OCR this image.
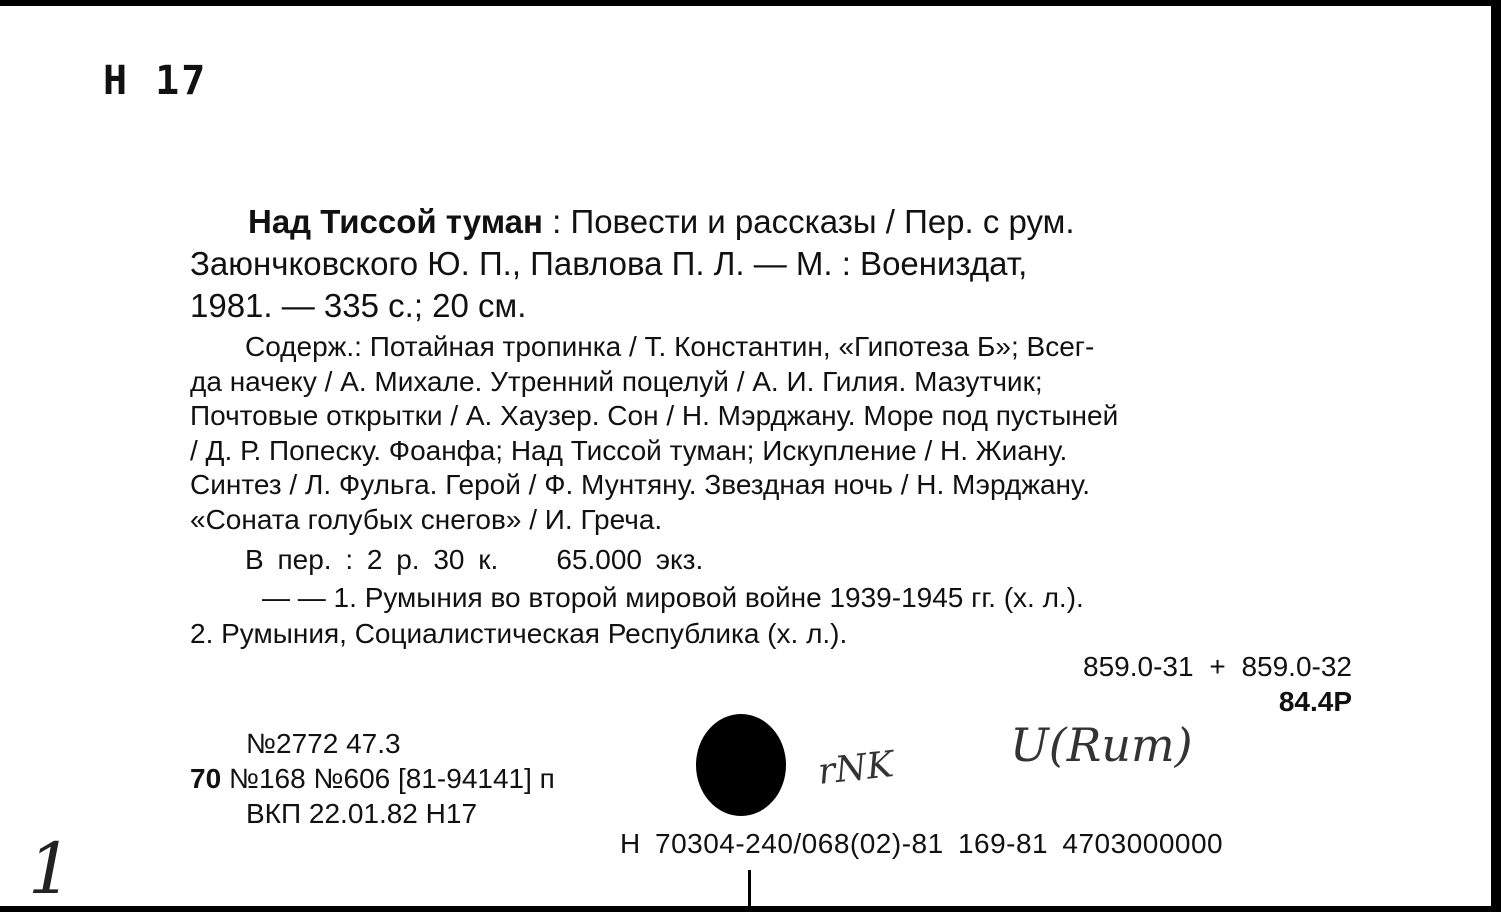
Н 17
Над Тиссой туман : Повести и рассказы / Пер. с рум.
Заюнчковского Ю. П., Павлова П. Л. — М. : Воениздат,
1981. — 335 с.; 20 см.
Содерж.: Потайная тропинка / Т. Константин, «Гипотеза Б»; Всег-
да начеку / А. Михале. Утренний поцелуй / А. И. Гилия. Мазутчик;
Почтовые открытки / А. Хаузер. Сон / Н. Мэрджану. Море под пустыней
/ Д. Р. Попеску. Фоанфа; Над Тиссой туман; Искупление / Н. Жиану.
Синтез / Л. Фульга. Герой / Ф. Мунтяну. Звездная ночь / Н. Мэрджану.
«Соната голубых снегов» / И. Греча.
В пер. : 2 р. 30 к. 65.000 экз.
— — 1. Румыния во второй мировой войне 1939-1945 гг. (х. л.).
2. Румыния, Социалистическая Республика (х. л.).
859.0-31 + 859.0-32
84.4Р
№2772 47.3
70 №168 №606 [81-94141] п
ВКП 22.01.82 Н17
Н 70304-240/068(02)-81 169-81 4703000000
rNK U(Rum)
1
